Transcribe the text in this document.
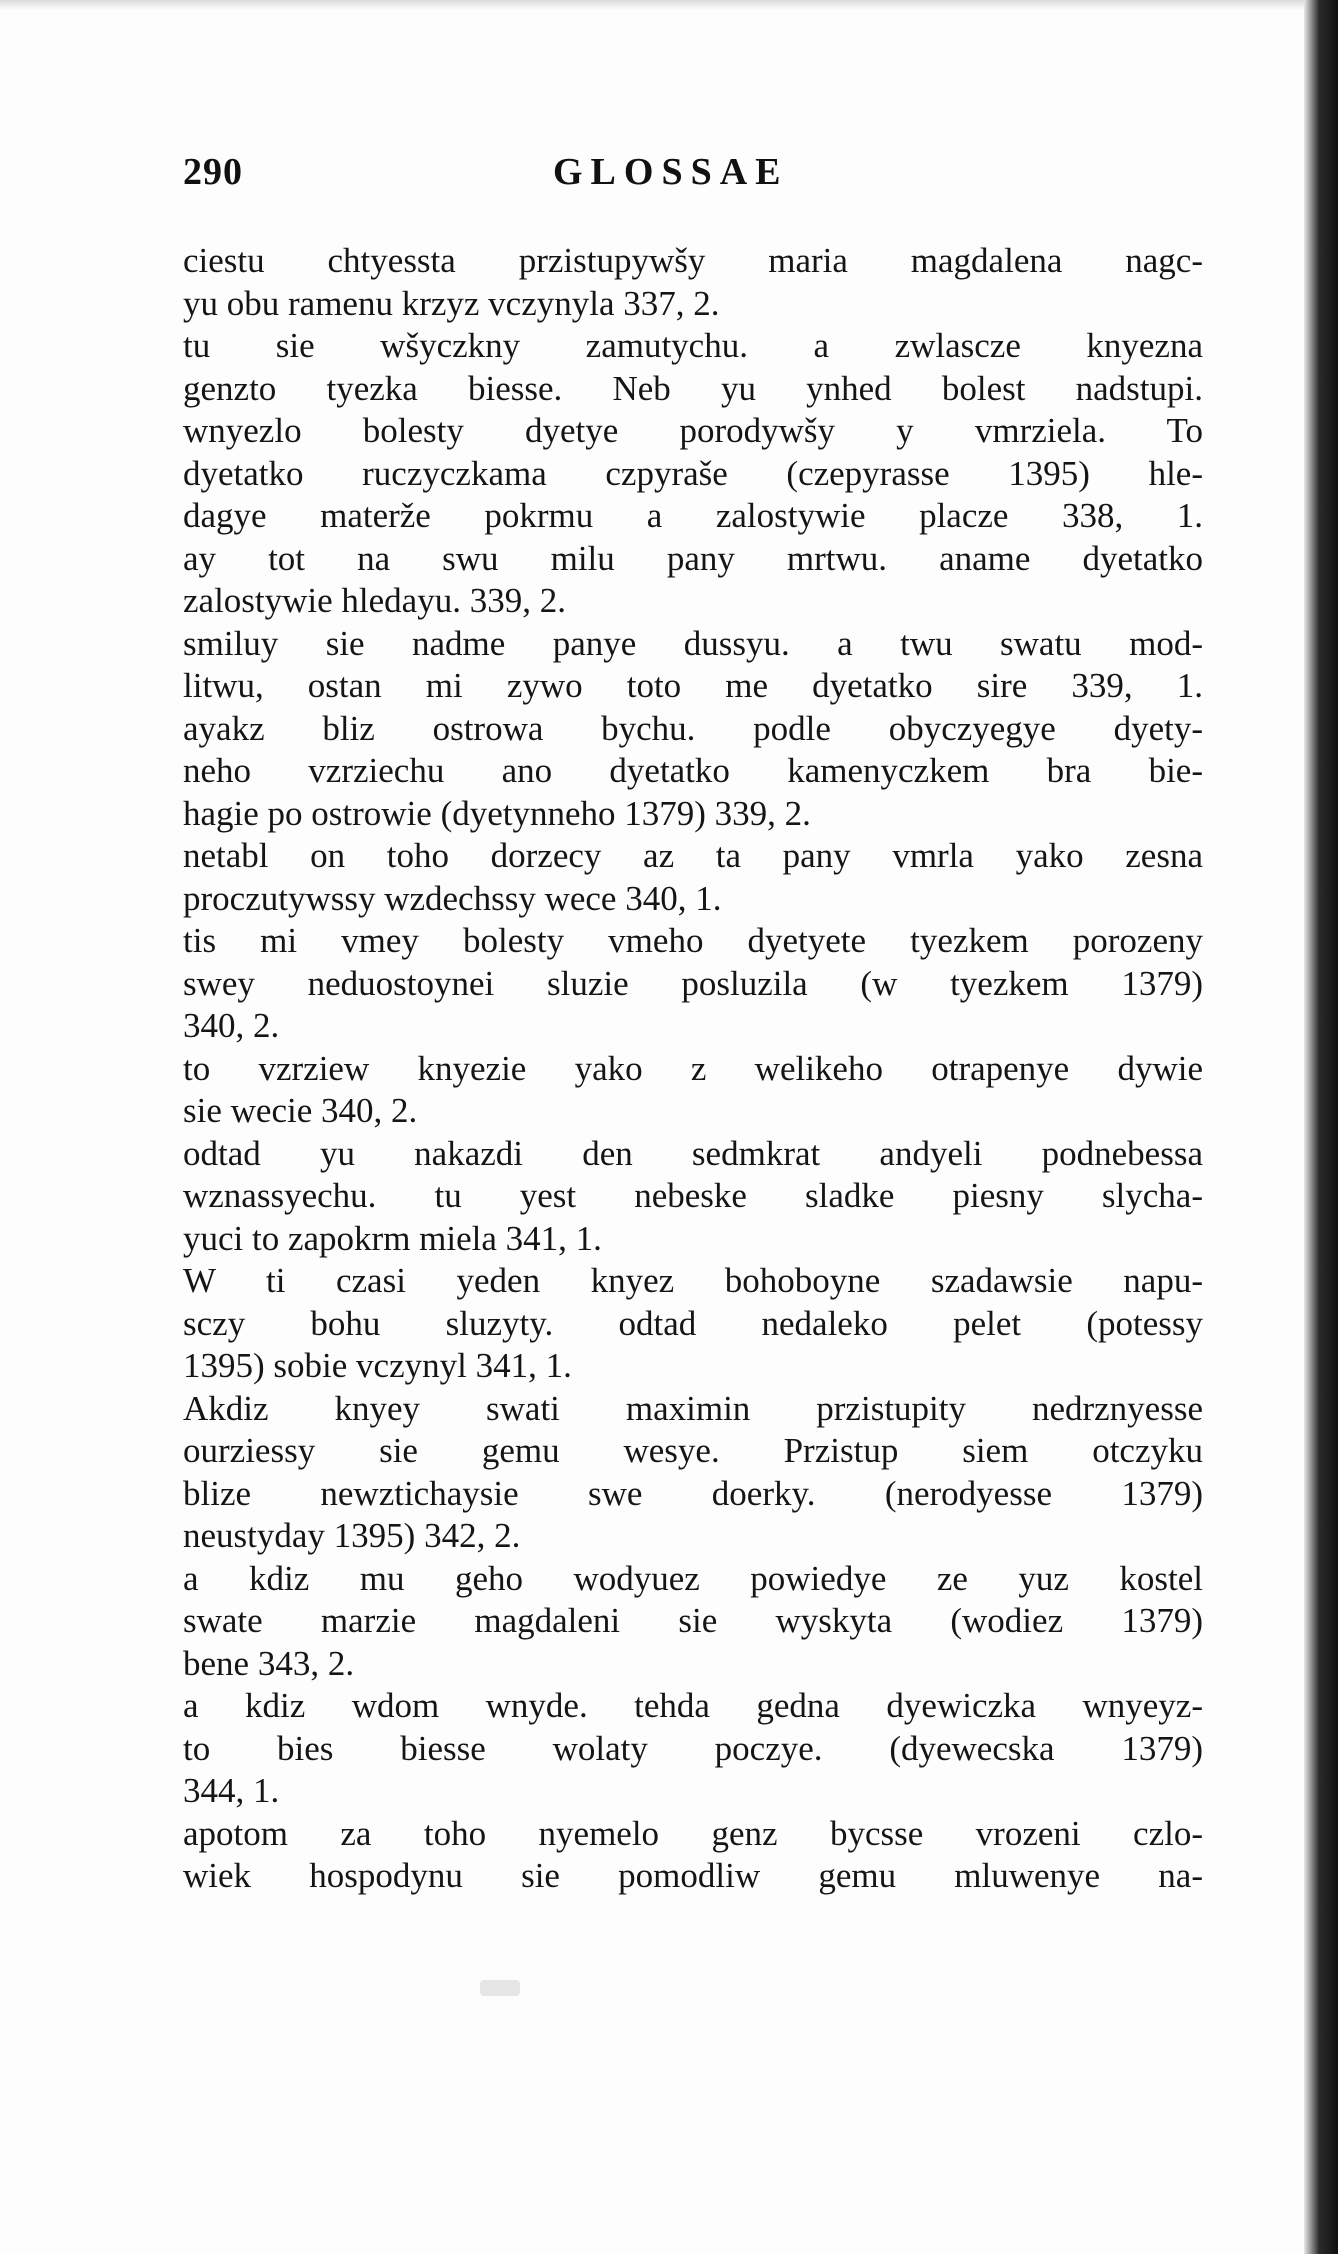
290	GLOSSAE
ciestu chtyessta przistupywšy maria magdalena nagc-
yu obu ramenu krzyz vczynyla 337, 2.
tu sie wšyczkny zamutychu. a zwlascze knyezna
genzto tyezka biesse. Neb yu ynhed bolest nadstupi.
wnyezlo bolesty dyetye porodywšy y vmrziela. To
dyetatko ruczyczkama czpyraše (czepyrasse 1395) hle-
dagye materže pokrmu a zalostywie placze 338, 1.
ay tot na swu milu pany mrtwu. aname dyetatko
zalostywie hledayu. 339, 2.
smiluy sie nadme panye dussyu. a twu swatu mod-
litwu, ostan mi zywo toto me dyetatko sire 339, 1.
ayakz bliz ostrowa bychu. podle obyczyegye dyety-
neho vzrziechu ano dyetatko kamenyczkem bra bie-
hagie po ostrowie (dyetynneho 1379) 339, 2.
netabl on toho dorzecy az ta pany vmrla yako zesna
proczutywssy wzdechssy wece 340, 1.
tis mi vmey bolesty vmeho dyetyete tyezkem porozeny
swey neduostoynei sluzie posluzila (w tyezkem 1379)
340, 2.
to vzrziew knyezie yako z welikeho otrapenye dywie
sie wecie 340, 2.
odtad yu nakazdi den sedmkrat andyeli podnebessa
wznassyechu. tu yest nebeske sladke piesny slycha-
yuci to zapokrm miela 341, 1.
W ti czasi yeden knyez bohoboyne szadawsie napu-
sczy bohu sluzyty. odtad nedaleko pelet (potessy
1395) sobie vczynyl 341, 1.
Akdiz knyey swati maximin przistupity nedrznyesse
ourziessy sie gemu wesye. Przistup siem otczyku
blize newztichaysie swe doerky. (nerodyesse 1379)
neustyday 1395) 342, 2.
a kdiz mu geho wodyuez powiedye ze yuz kostel
swate marzie magdaleni sie wyskyta (wodiez 1379)
bene 343, 2.
a kdiz wdom wnyde. tehda gedna dyewiczka wnyeyz-
to bies biesse wolaty poczye. (dyewecska 1379)
344, 1.
apotom za toho nyemelo genz bycsse vrozeni czlo-
wiek hospodynu sie pomodliw gemu mluwenye na-
